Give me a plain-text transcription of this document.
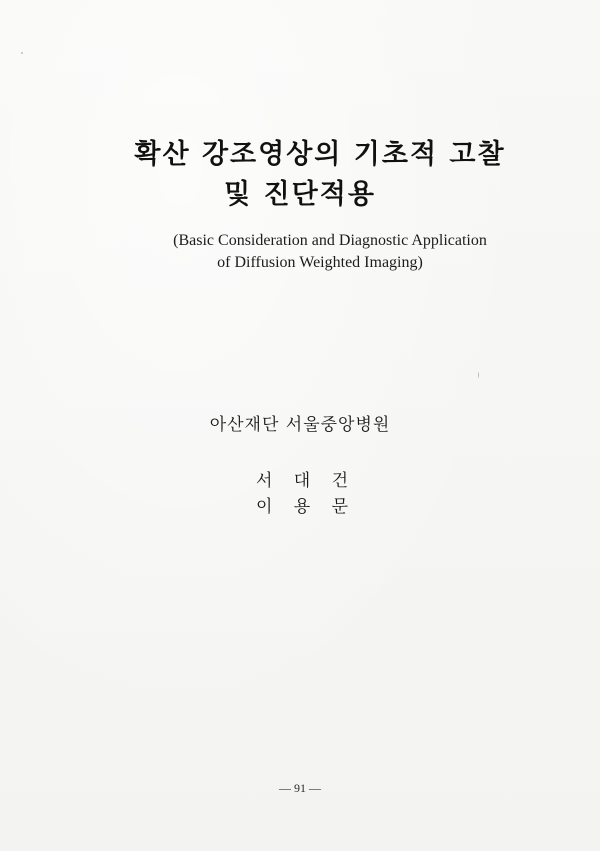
확산 강조영상의 기초적 고찰
및 진단적용
(Basic Consideration and Diagnostic Application
of Diffusion Weighted Imaging)
아산재단 서울중앙병원
서 대 건
이 용 문
— 91 —
